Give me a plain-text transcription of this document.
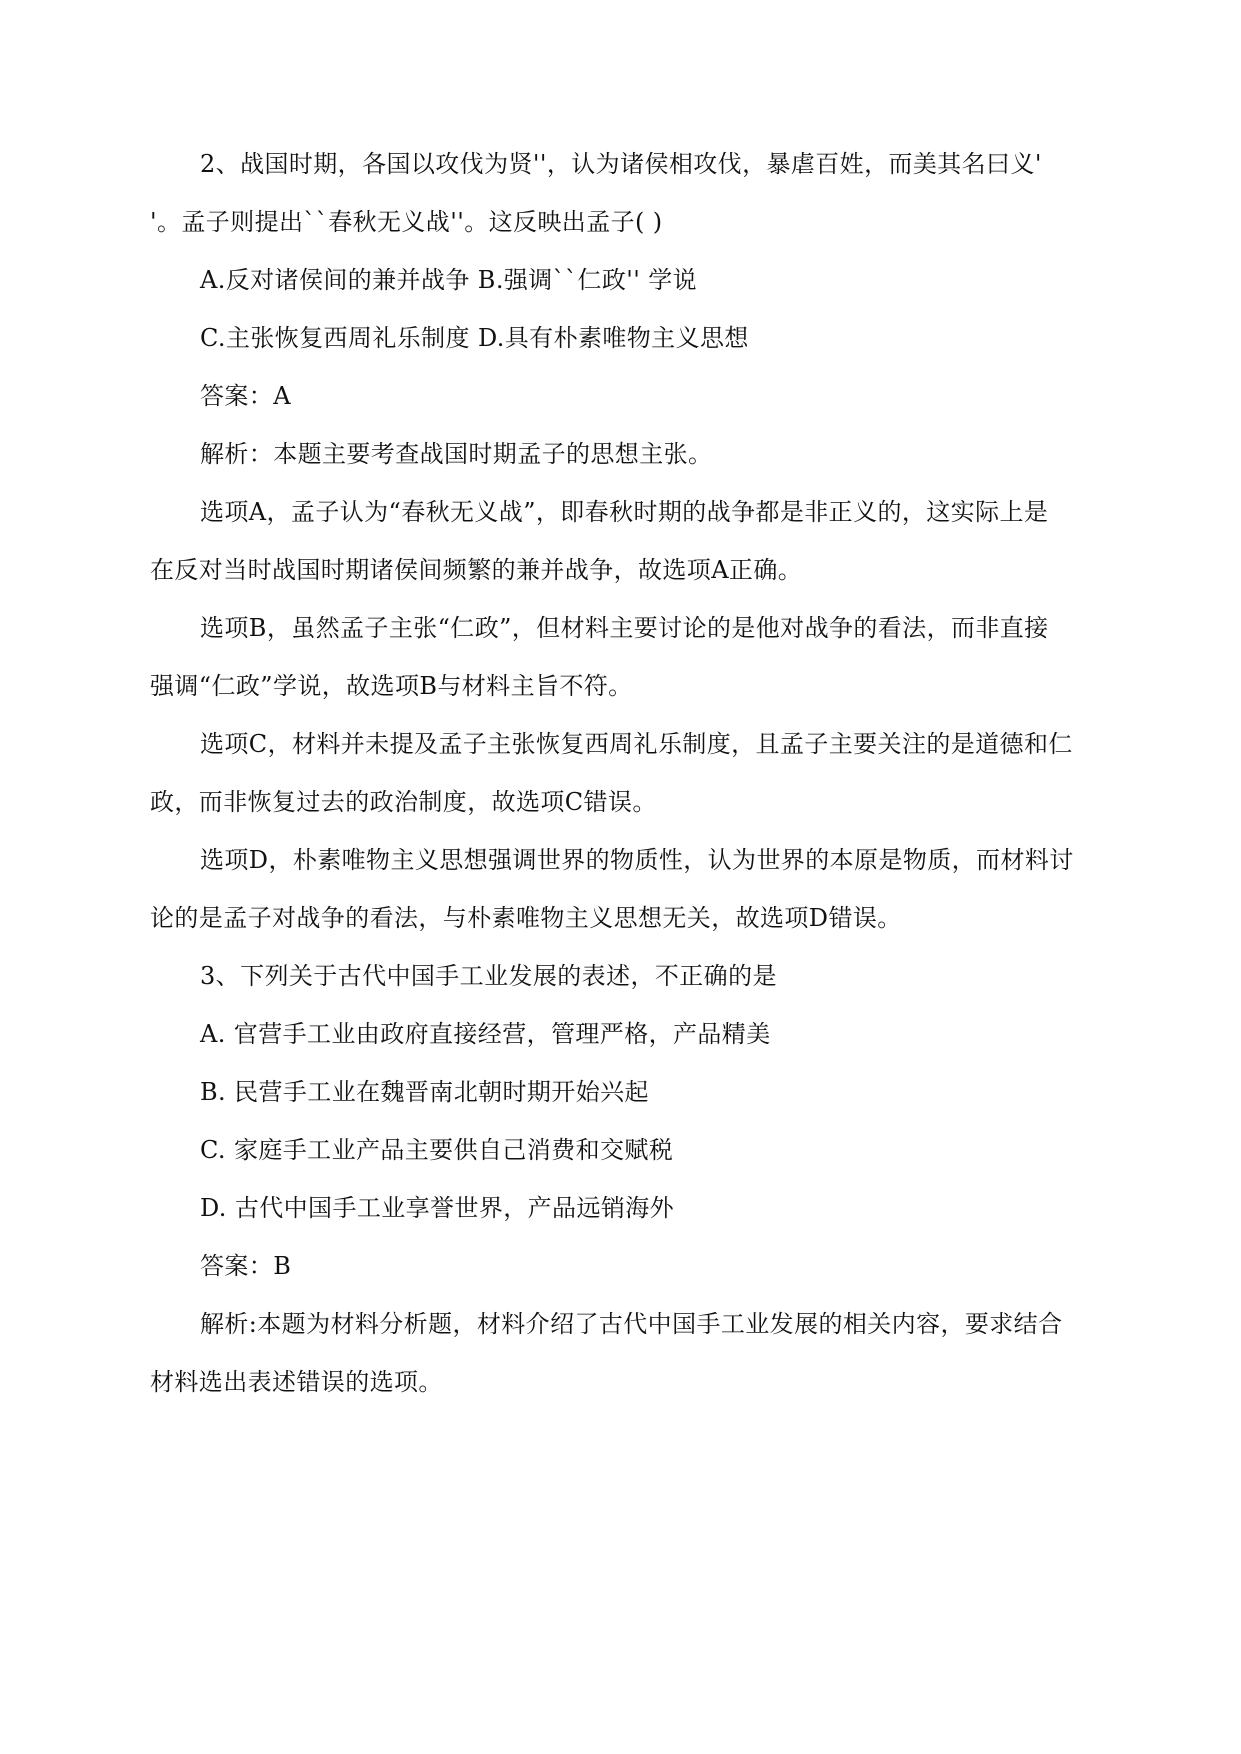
2、战国时期，各国以攻伐为贤''，认为诸侯相攻伐，暴虐百姓，而美其名曰义'
'。孟子则提出``春秋无义战''。这反映出孟子( )
A.反对诸侯间的兼并战争 B.强调``仁政'' 学说
C.主张恢复西周礼乐制度 D.具有朴素唯物主义思想
答案：A
解析：本题主要考查战国时期孟子的思想主张。
选项A，孟子认为“春秋无义战”，即春秋时期的战争都是非正义的，这实际上是
在反对当时战国时期诸侯间频繁的兼并战争，故选项A正确。
选项B，虽然孟子主张“仁政”，但材料主要讨论的是他对战争的看法，而非直接
强调“仁政”学说，故选项B与材料主旨不符。
选项C，材料并未提及孟子主张恢复西周礼乐制度，且孟子主要关注的是道德和仁
政，而非恢复过去的政治制度，故选项C错误。
选项D，朴素唯物主义思想强调世界的物质性，认为世界的本原是物质，而材料讨
论的是孟子对战争的看法，与朴素唯物主义思想无关，故选项D错误。
3、下列关于古代中国手工业发展的表述，不正确的是
A. 官营手工业由政府直接经营，管理严格，产品精美
B. 民营手工业在魏晋南北朝时期开始兴起
C. 家庭手工业产品主要供自己消费和交赋税
D. 古代中国手工业享誉世界，产品远销海外
答案：B
解析:本题为材料分析题，材料介绍了古代中国手工业发展的相关内容，要求结合
材料选出表述错误的选项。
